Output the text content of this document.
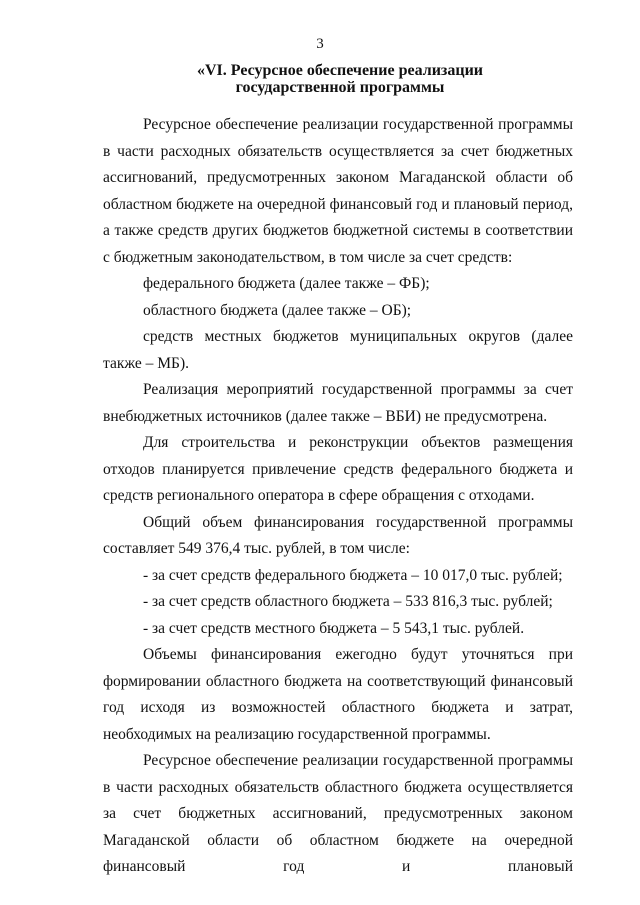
3
«VI. Ресурсное обеспечение реализации
государственной программы

Ресурсное обеспечение реализации государственной программы в части расходных обязательств осуществляется за счет бюджетных ассигнований, предусмотренных законом Магаданской области об областном бюджете на очередной финансовый год и плановый период, а также средств других бюджетов бюджетной системы в соответствии с бюджетным законодательством, в том числе за счет средств:

федерального бюджета (далее также – ФБ);

областного бюджета (далее также – ОБ);

средств местных бюджетов муниципальных округов (далее также – МБ).

Реализация мероприятий государственной программы за счет внебюджетных источников (далее также – ВБИ) не предусмотрена.

Для строительства и реконструкции объектов размещения отходов планируется привлечение средств федерального бюджета и средств регионального оператора в сфере обращения с отходами.

Общий объем финансирования государственной программы составляет 549 376,4 тыс. рублей, в том числе:

- за счет средств федерального бюджета – 10 017,0 тыс. рублей;

- за счет средств областного бюджета – 533 816,3 тыс. рублей;

- за счет средств местного бюджета – 5 543,1 тыс. рублей.

Объемы финансирования ежегодно будут уточняться при формировании областного бюджета на соответствующий финансовый год исходя из возможностей областного бюджета и затрат, необходимых на реализацию государственной программы.

Ресурсное обеспечение реализации государственной программы в части расходных обязательств областного бюджета осуществляется за счет бюджетных ассигнований, предусмотренных законом Магаданской области об областном бюджете на очередной финансовый год и плановый
